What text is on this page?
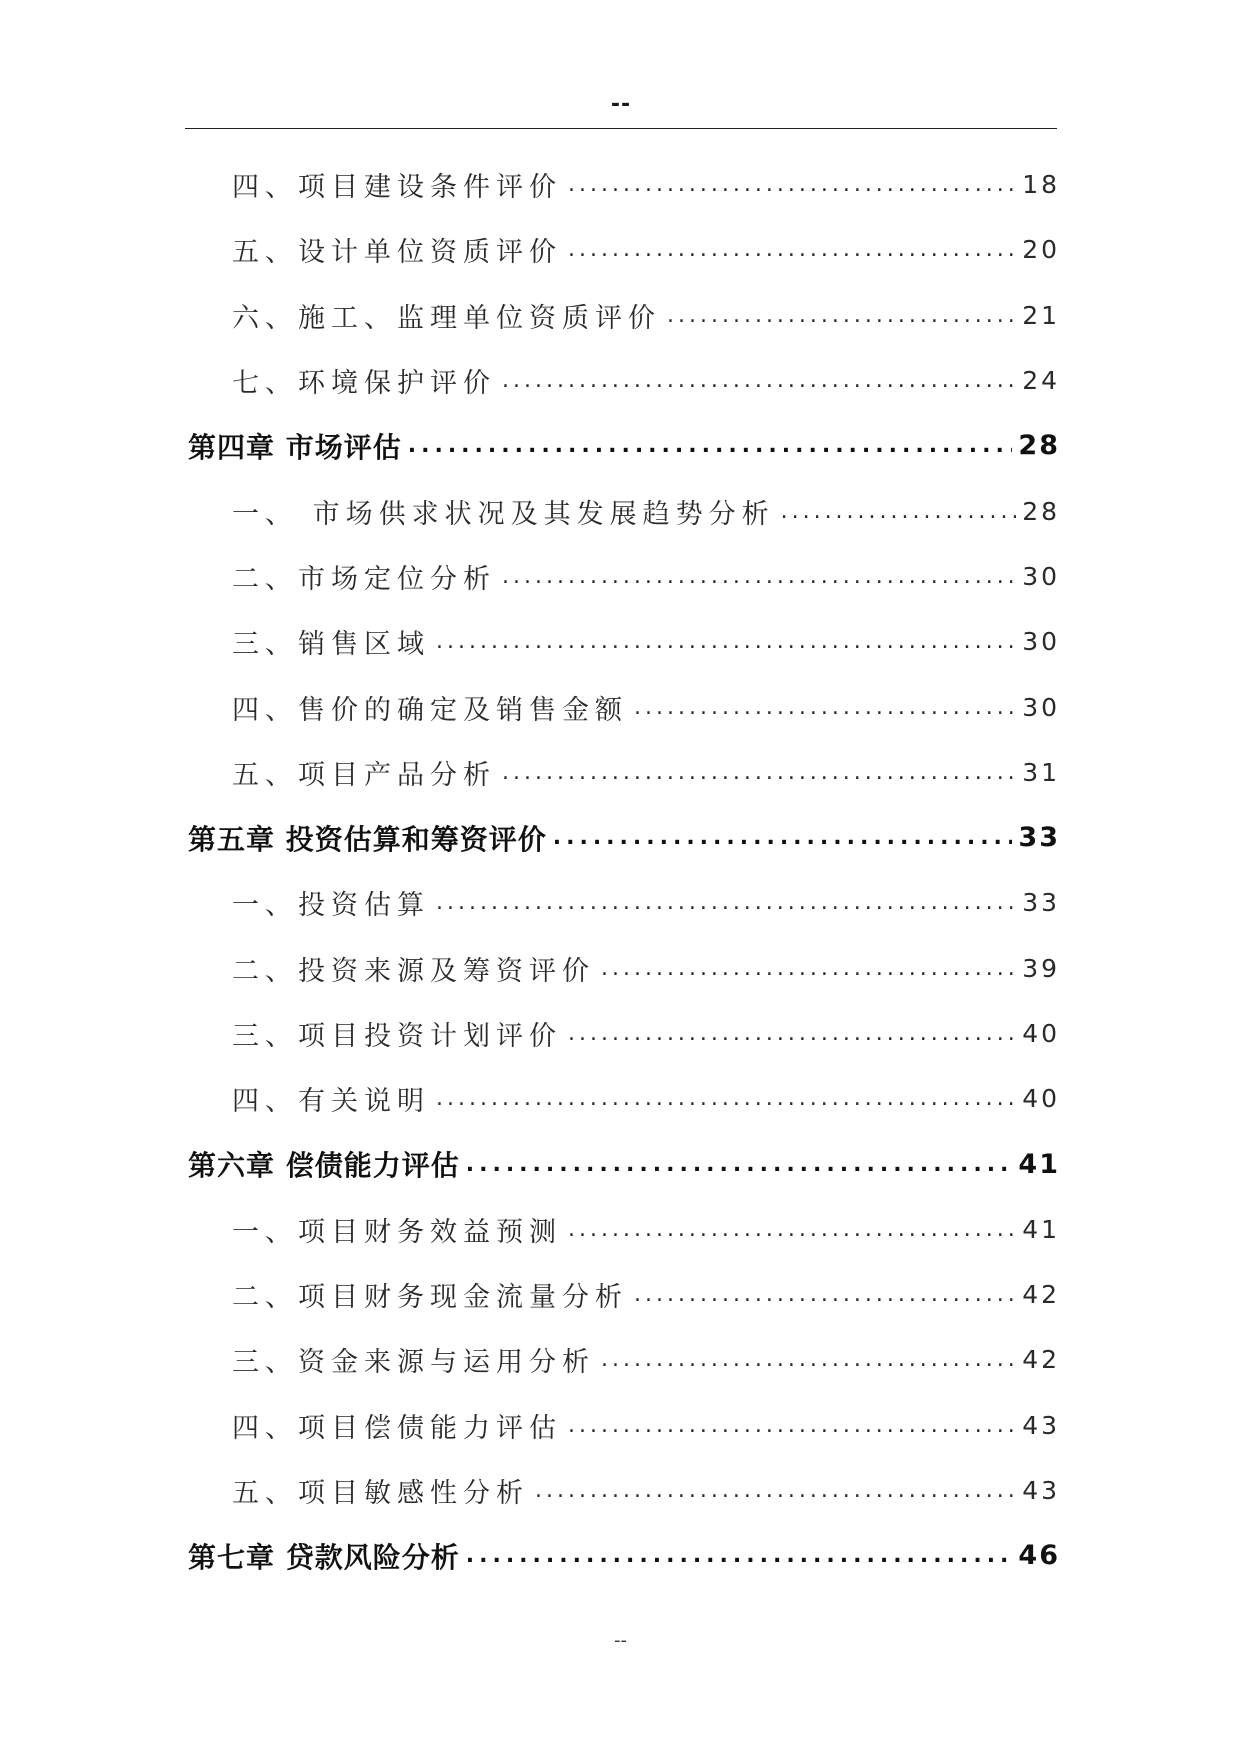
--
四、项目建设条件评价 .....	18
五、设计单位资质评价 .....	20
六、施工、监理单位资质评价 .....	21
七、环境保护评价 .....	24
第四章 市场评估 .....	28
一、 市场供求状况及其发展趋势分析 .....	28
二、市场定位分析 .....	30
三、销售区域 .....	30
四、售价的确定及销售金额 .....	30
五、项目产品分析 .....	31
第五章 投资估算和筹资评价 .....	33
一、投资估算 .....	33
二、投资来源及筹资评价 .....	39
三、项目投资计划评价 .....	40
四、有关说明 .....	40
第六章 偿债能力评估 .....	41
一、项目财务效益预测 .....	41
二、项目财务现金流量分析 .....	42
三、资金来源与运用分析 .....	42
四、项目偿债能力评估 .....	43
五、项目敏感性分析 .....	43
第七章 贷款风险分析 .....	46
--
